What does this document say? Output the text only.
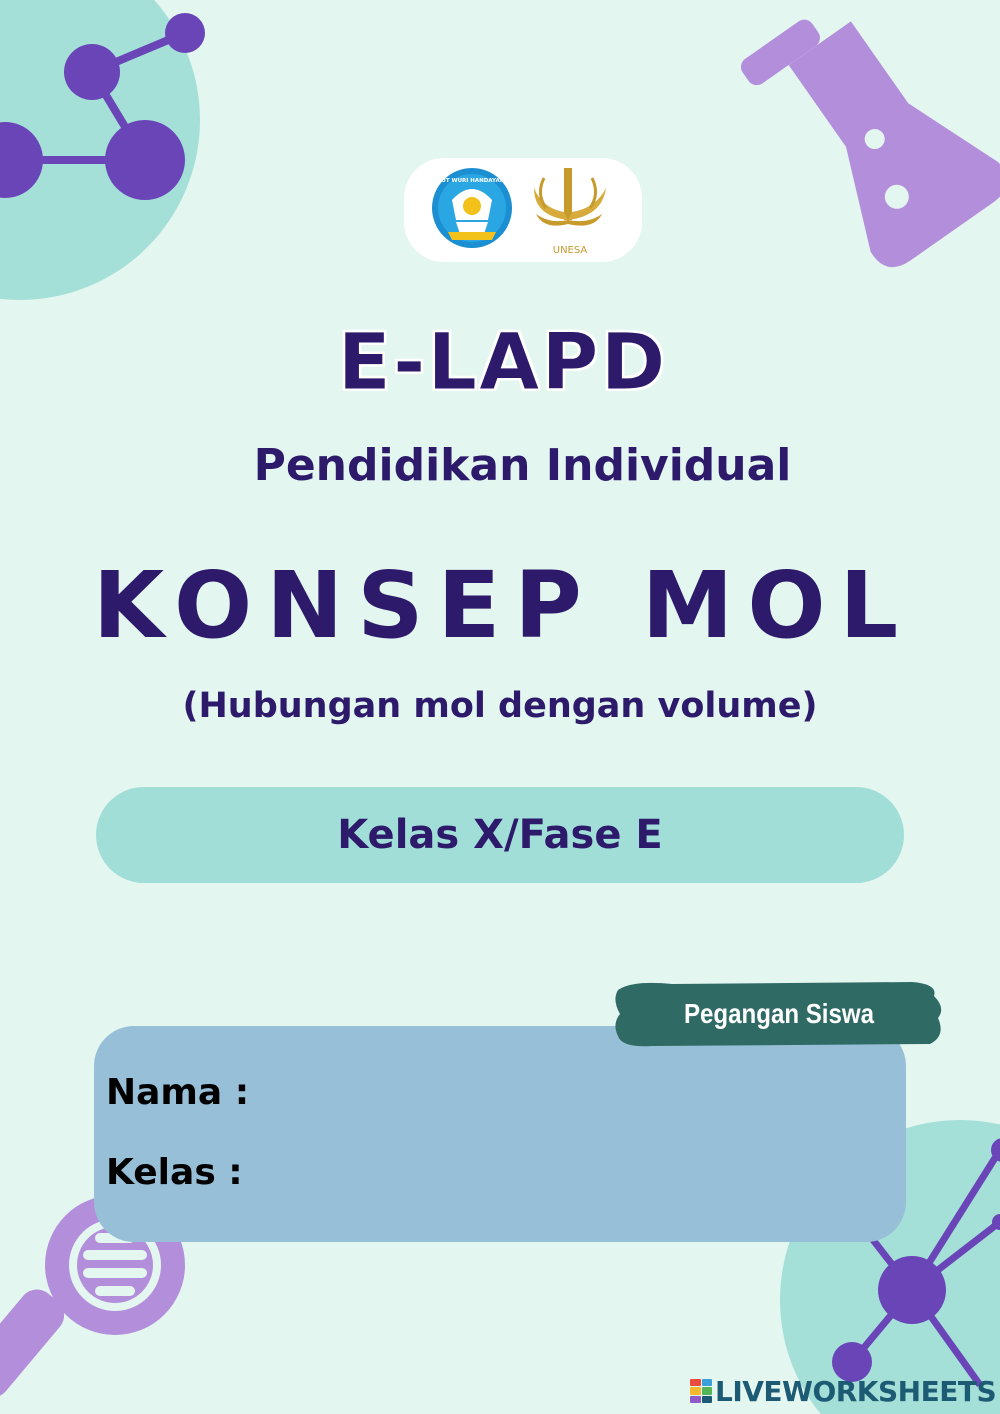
TUT WURI HANDAYANI
UNESA
E-LAPD
Pendidikan Individual
KONSEP MOL
(Hubungan mol dengan volume)
Kelas X/Fase E
Nama :
Kelas :
Pegangan Siswa
LIVEWORKSHEETS
